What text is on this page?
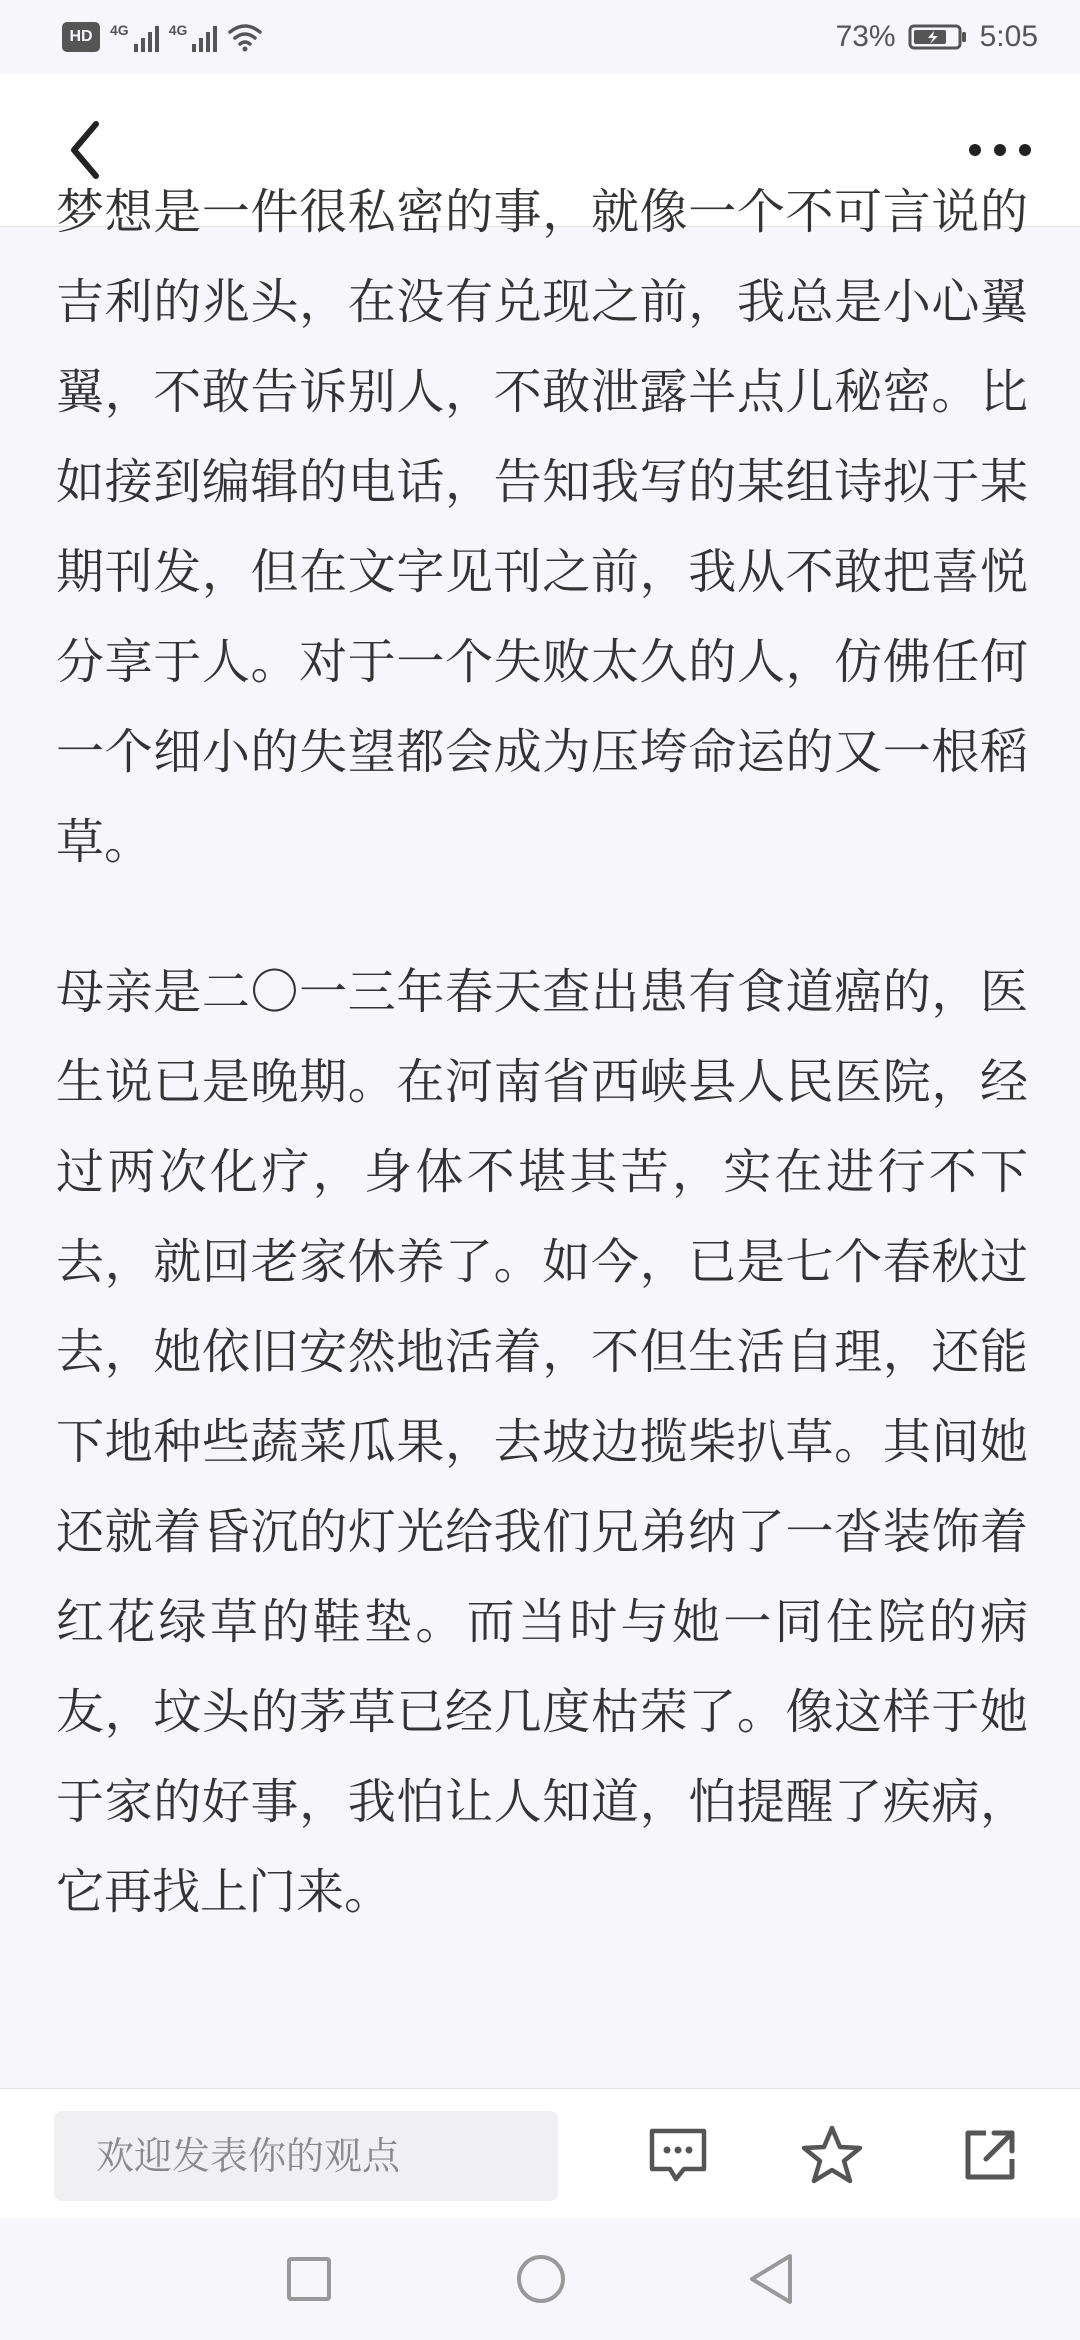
HD 4G	4G	73%	5:05

梦想是一件很私密的事，就像一个不可言说的吉利的兆头，在没有兑现之前，我总是小心翼翼，不敢告诉别人，不敢泄露半点儿秘密。比如接到编辑的电话，告知我写的某组诗拟于某期刊发，但在文字见刊之前，我从不敢把喜悦分享于人。对于一个失败太久的人，仿佛任何一个细小的失望都会成为压垮命运的又一根稻草。

母亲是二〇一三年春天查出患有食道癌的，医生说已是晚期。在河南省西峡县人民医院，经过两次化疗，身体不堪其苦，实在进行不下去，就回老家休养了。如今，已是七个春秋过去，她依旧安然地活着，不但生活自理，还能下地种些蔬菜瓜果，去坡边揽柴扒草。其间她还就着昏沉的灯光给我们兄弟纳了一沓装饰着红花绿草的鞋垫。而当时与她一同住院的病友，坟头的茅草已经几度枯荣了。像这样于她于家的好事，我怕让人知道，怕提醒了疾病，它再找上门来。

欢迎发表你的观点
